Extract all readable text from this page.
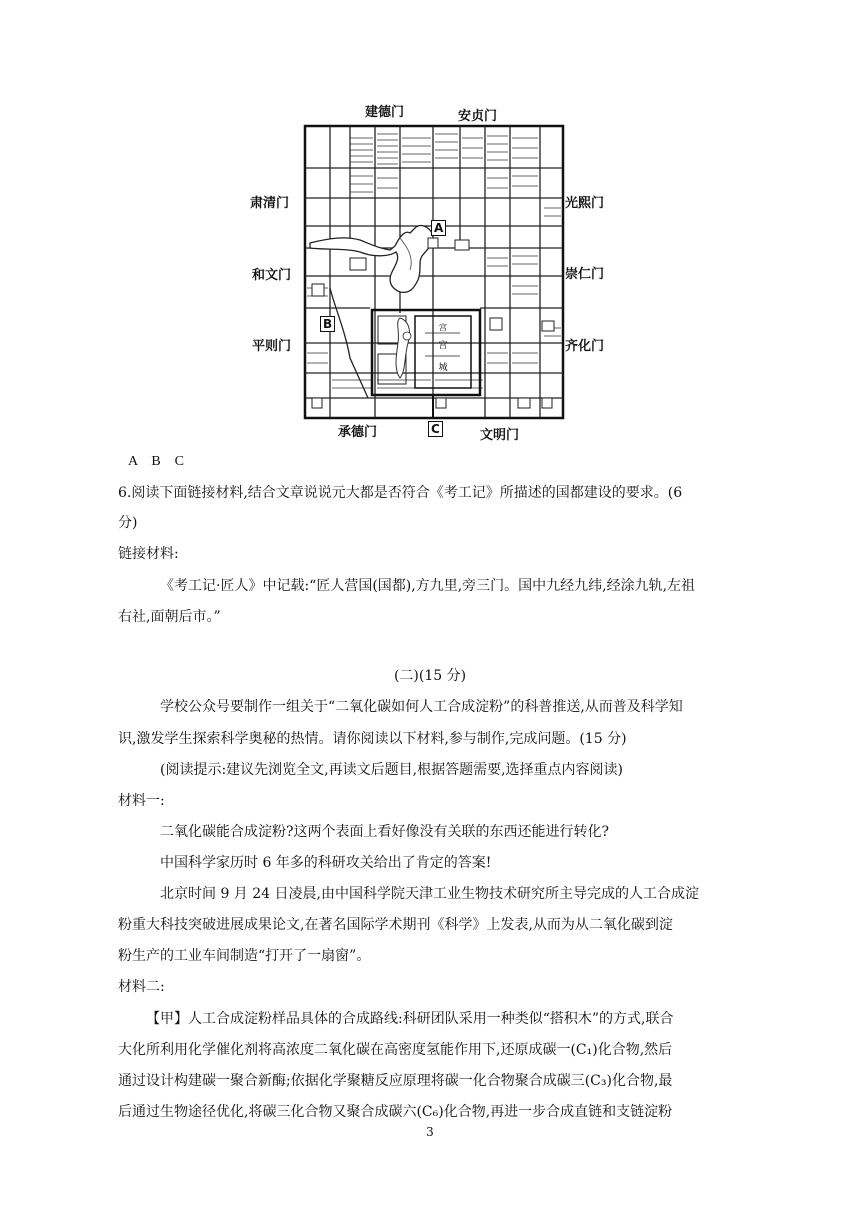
宫
宫
城
建德门	安贞门
肃清门	光熙门
和文门	崇仁门
平则门	齐化门
承德门	文明门
A
B
C
A　B　C
6.阅读下面链接材料,结合文章说说元大都是否符合《考工记》所描述的国都建设的要求。(6
分)
链接材料:
《考工记·匠人》中记载:“匠人营国(国都),方九里,旁三门。国中九经九纬,经涂九轨,左祖
右社,面朝后市。”
(二)(15 分)
学校公众号要制作一组关于“二氧化碳如何人工合成淀粉”的科普推送,从而普及科学知
识,激发学生探索科学奥秘的热情。请你阅读以下材料,参与制作,完成问题。(15 分)
(阅读提示:建议先浏览全文,再读文后题目,根据答题需要,选择重点内容阅读)
材料一:
二氧化碳能合成淀粉?这两个表面上看好像没有关联的东西还能进行转化?
中国科学家历时 6 年多的科研攻关给出了肯定的答案!
北京时间 9 月 24 日凌晨,由中国科学院天津工业生物技术研究所主导完成的人工合成淀
粉重大科技突破进展成果论文,在著名国际学术期刊《科学》上发表,从而为从二氧化碳到淀
粉生产的工业车间制造“打开了一扇窗”。
材料二:
【甲】人工合成淀粉样品具体的合成路线:科研团队采用一种类似“搭积木”的方式,联合
大化所利用化学催化剂将高浓度二氧化碳在高密度氢能作用下,还原成碳一(C₁)化合物,然后
通过设计构建碳一聚合新酶;依据化学聚糖反应原理将碳一化合物聚合成碳三(C₃)化合物,最
后通过生物途径优化,将碳三化合物又聚合成碳六(C₆)化合物,再进一步合成直链和支链淀粉
3
